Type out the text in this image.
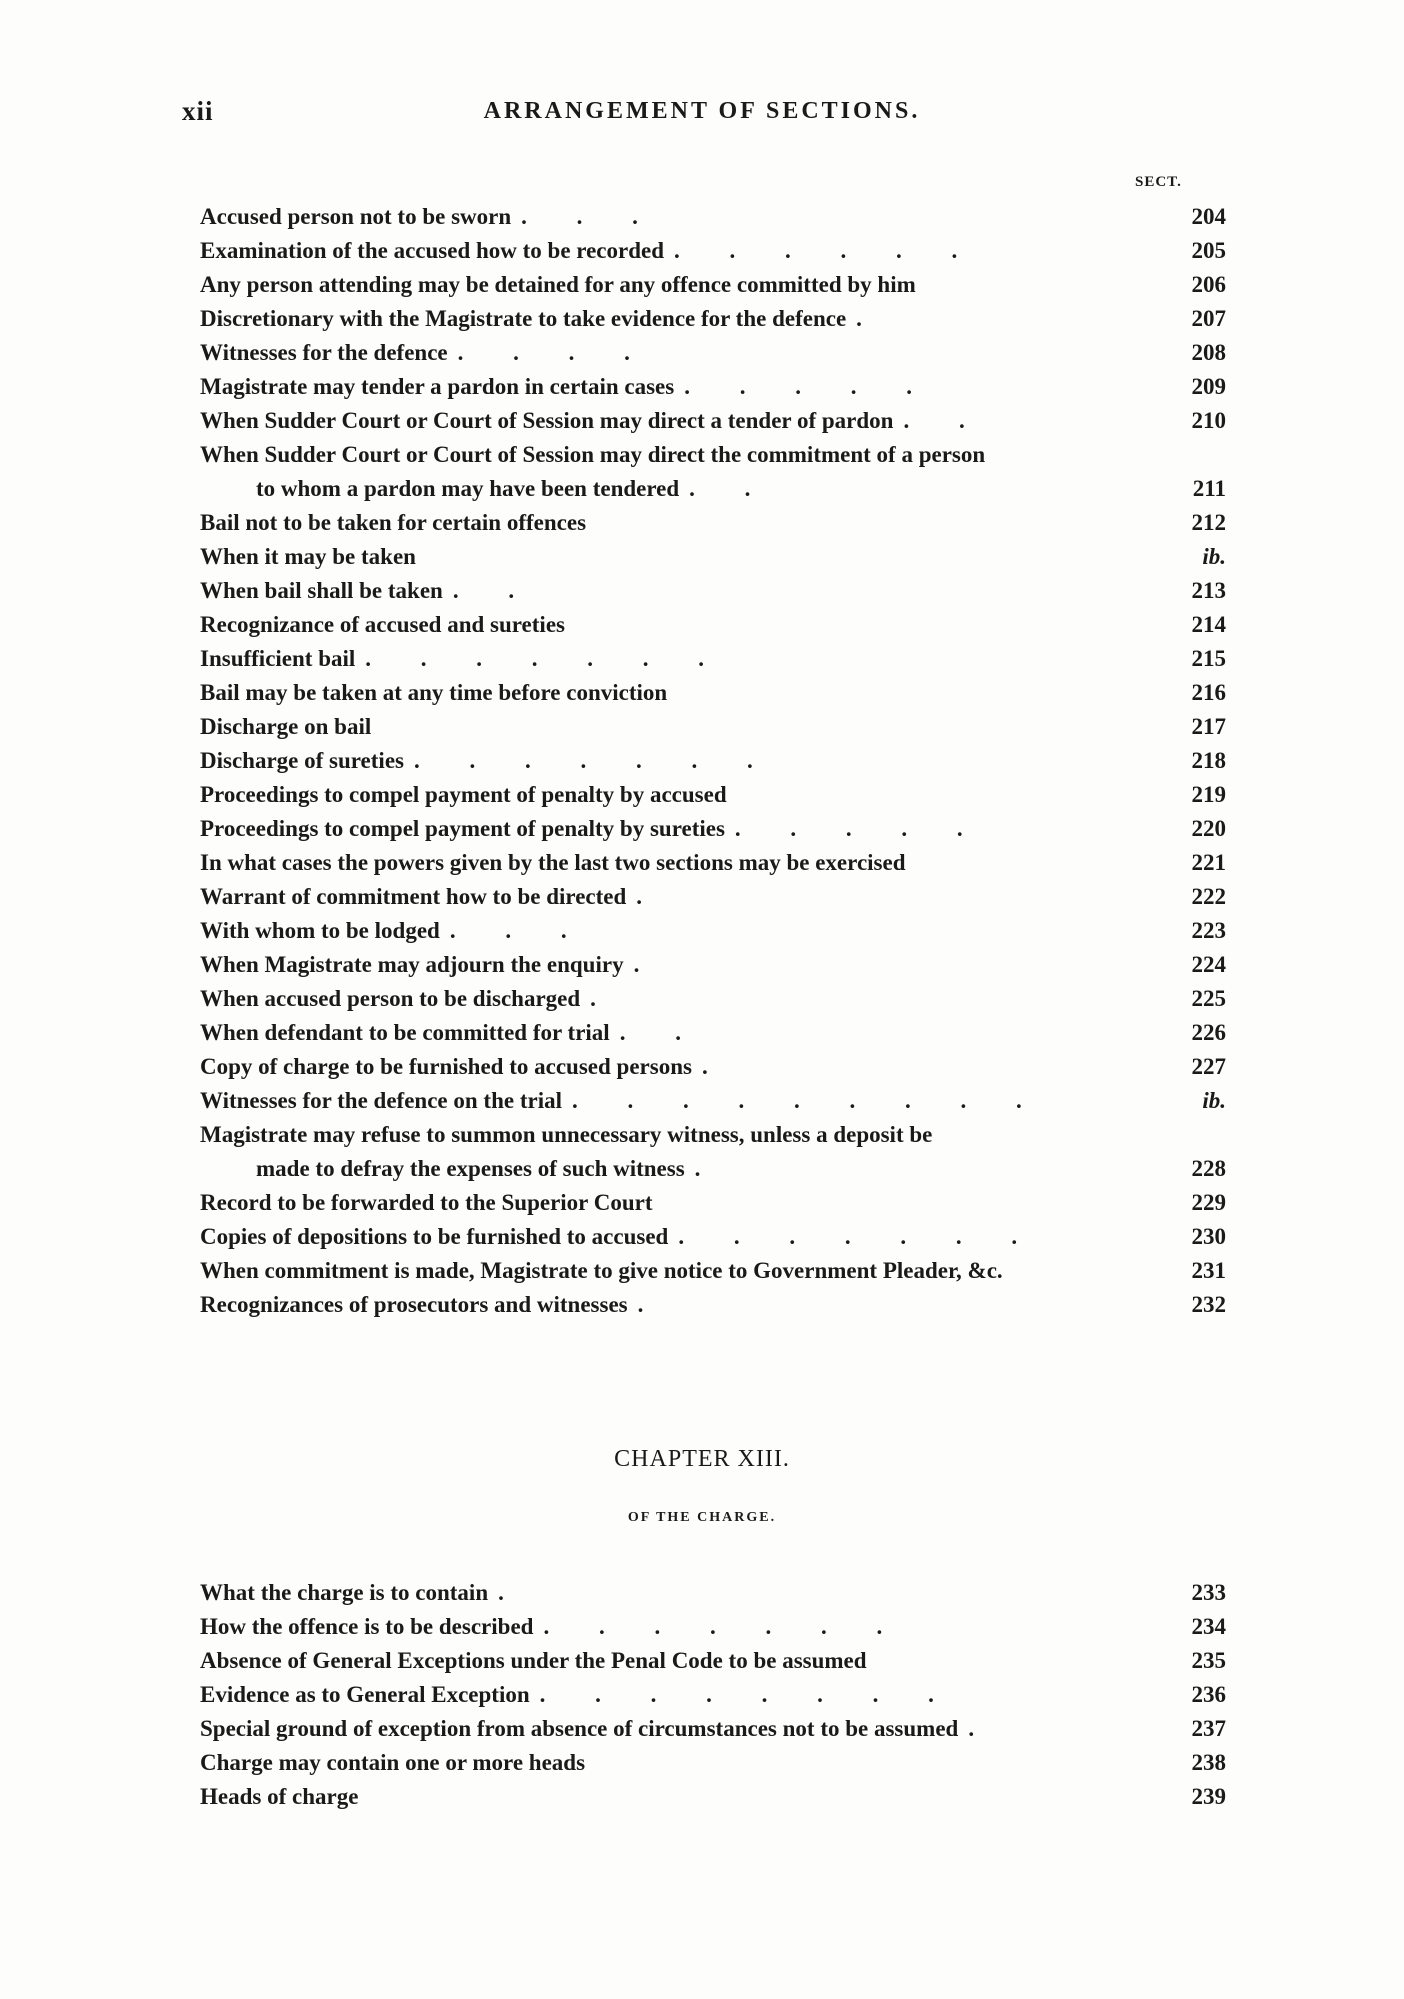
xii	ARRANGEMENT OF SECTIONS.
SECT.
Accused person not to be sworn . . .	204
Examination of the accused how to be recorded . . . . . .	205
Any person attending may be detained for any offence committed by him	206
Discretionary with the Magistrate to take evidence for the defence .	207
Witnesses for the defence . . . .	208
Magistrate may tender a pardon in certain cases . . . . .	209
When Sudder Court or Court of Session may direct a tender of pardon . .	210
When Sudder Court or Court of Session may direct the commitment of a person
to whom a pardon may have been tendered . .	211
Bail not to be taken for certain offences	212
When it may be taken	ib.
When bail shall be taken . .	213
Recognizance of accused and sureties	214
Insufficient bail . . . . . . .	215
Bail may be taken at any time before conviction	216
Discharge on bail	217
Discharge of sureties . . . . . . .	218
Proceedings to compel payment of penalty by accused	219
Proceedings to compel payment of penalty by sureties . . . . .	220
In what cases the powers given by the last two sections may be exercised	221
Warrant of commitment how to be directed .	222
With whom to be lodged . . .	223
When Magistrate may adjourn the enquiry .	224
When accused person to be discharged .	225
When defendant to be committed for trial . .	226
Copy of charge to be furnished to accused persons .	227
Witnesses for the defence on the trial . . . . . . . . .	ib.
Magistrate may refuse to summon unnecessary witness, unless a deposit be
made to defray the expenses of such witness .	228
Record to be forwarded to the Superior Court	229
Copies of depositions to be furnished to accused . . . . . . .	230
When commitment is made, Magistrate to give notice to Government Pleader, &c.	231
Recognizances of prosecutors and witnesses .	232
CHAPTER XIII.
OF THE CHARGE.
What the charge is to contain .	233
How the offence is to be described . . . . . . .	234
Absence of General Exceptions under the Penal Code to be assumed	235
Evidence as to General Exception . . . . . . . .	236
Special ground of exception from absence of circumstances not to be assumed .	237
Charge may contain one or more heads	238
Heads of charge	239
